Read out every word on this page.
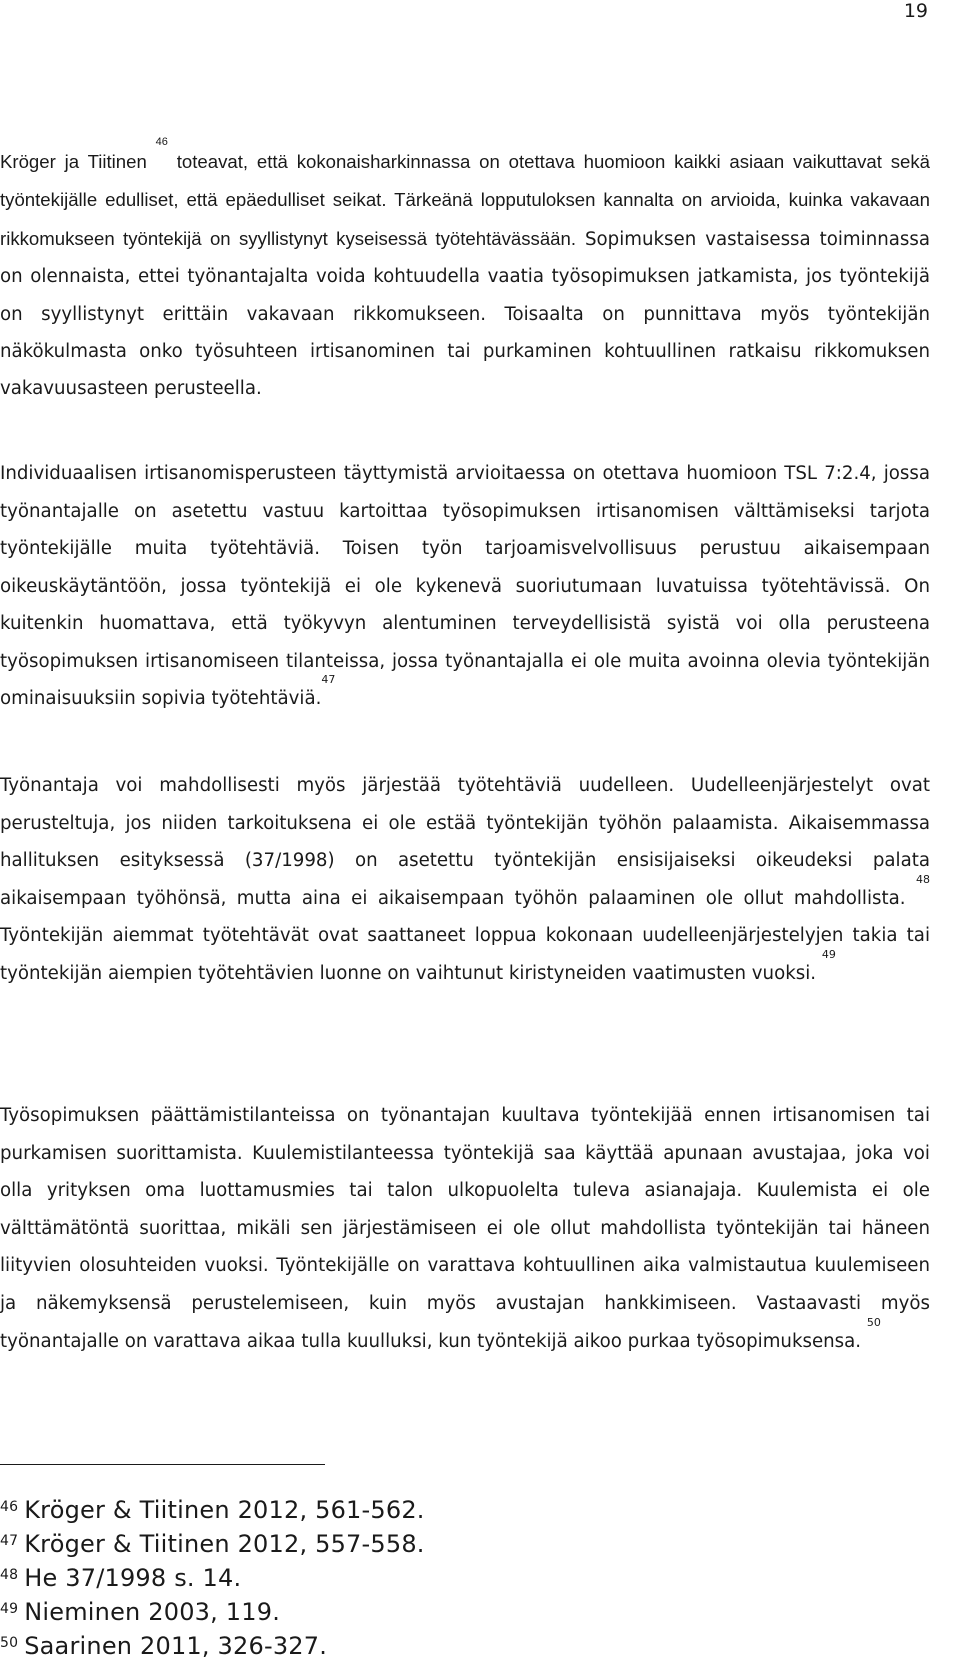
19

Kröger ja Tiitinen $^{46}$ toteavat, että kokonaisharkinnassa on otettava huomioon kaikki asiaan vaikuttavat sekä työntekijälle edulliset, että epäedulliset seikat. Tärkeänä lopputuloksen kannalta on arvioida, kuinka vakavaan rikkomukseen työntekijä on syyllistynyt kyseisessä työtehtävässään. Sopimuksen vastaisessa toiminnassa on olennaista, ettei työnantajalta voida kohtuudella vaatia työsopimuksen jatkamista, jos työntekijä on syyllistynyt erittäin vakavaan rikkomukseen. Toisaalta on punnittava myös työntekijän näkökulmasta onko työsuhteen irtisanominen tai purkaminen kohtuullinen ratkaisu rikkomuksen vakavuusasteen perusteella.

Individuaalisen irtisanomisperusteen täyttymistä arvioitaessa on otettava huomioon TSL 7:2.4, jossa työnantajalle on asetettu vastuu kartoittaa työsopimuksen irtisanomisen välttämiseksi tarjota työntekijälle muita työtehtäviä. Toisen työn tarjoamisvelvollisuus perustuu aikaisempaan oikeuskäytäntöön, jossa työntekijä ei ole kykenevä suoriutumaan luvatuissa työtehtävissä. On kuitenkin huomattava, että työkyvyn alentuminen terveydellisistä syistä voi olla perusteena työsopimuksen irtisanomiseen tilanteissa, jossa työnantajalla ei ole muita avoinna olevia työntekijän ominaisuuksiin sopivia työtehtäviä.$^{47}$

Työnantaja voi mahdollisesti myös järjestää työtehtäviä uudelleen. Uudelleenjärjestelyt ovat perusteltuja, jos niiden tarkoituksena ei ole estää työntekijän työhön palaamista. Aikaisemmassa hallituksen esityksessä (37/1998) on asetettu työntekijän ensisijaiseksi oikeudeksi palata aikaisempaan työhönsä, mutta aina ei aikaisempaan työhön palaaminen ole ollut mahdollista. $^{48}$ Työntekijän aiemmat työtehtävät ovat saattaneet loppua kokonaan uudelleenjärjestelyjen takia tai työntekijän aiempien työtehtävien luonne on vaihtunut kiristyneiden vaatimusten vuoksi. $^{49}$

Työsopimuksen päättämistilanteissa on työnantajan kuultava työntekijää ennen irtisanomisen tai purkamisen suorittamista. Kuulemistilanteessa työntekijä saa käyttää apunaan avustajaa, joka voi olla yrityksen oma luottamusmies tai talon ulkopuolelta tuleva asianajaja. Kuulemista ei ole välttämätöntä suorittaa, mikäli sen järjestämiseen ei ole ollut mahdollista työntekijän tai häneen liityvien olosuhteiden vuoksi. Työntekijälle on varattava kohtuullinen aika valmistautua kuulemiseen ja näkemyksensä perustelemiseen, kuin myös avustajan hankkimiseen. Vastaavasti myös työnantajalle on varattava aikaa tulla kuulluksi, kun työntekijä aikoo purkaa työsopimuksensa. $^{50}$

$^{46}$ Kröger & Tiitinen 2012, 561-562.
$^{47}$ Kröger & Tiitinen 2012, 557-558.
$^{48}$ He 37/1998 s. 14.
$^{49}$ Nieminen 2003, 119.
$^{50}$ Saarinen 2011, 326-327.
